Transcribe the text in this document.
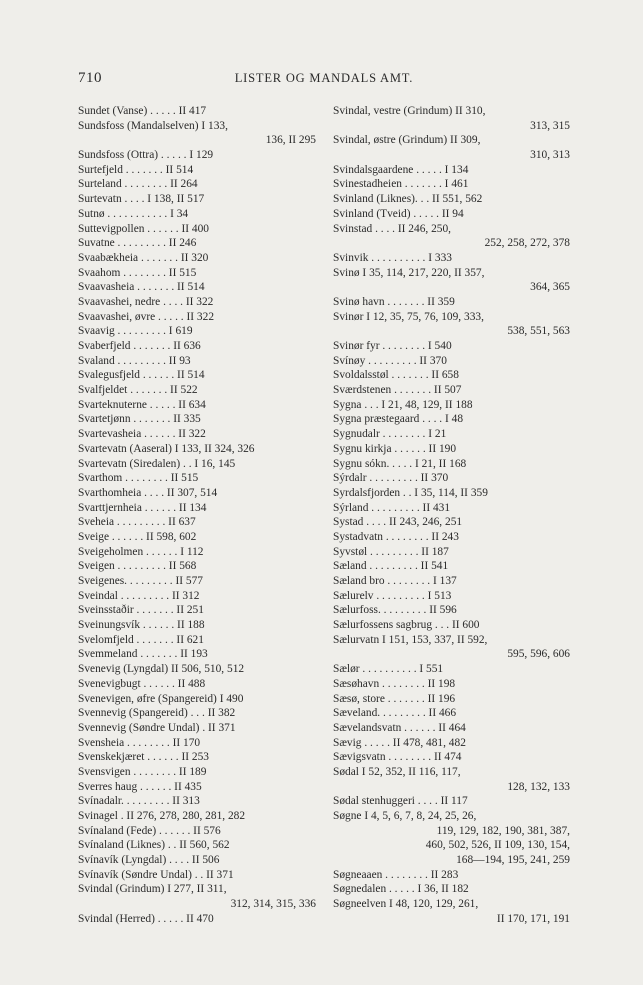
710	LISTER OG MANDALS AMT.
Sundet (Vanse) . . . . . II 417
Sundsfoss (Mandalselven) I 133,
136, II 295
Sundsfoss (Ottra) . . . . . I 129
Surtefjeld . . . . . . . II 514
Surteland . . . . . . . . II 264
Surtevatn . . . . I 138, II 517
Sutnø . . . . . . . . . . . I 34
Suttevigpollen . . . . . . II 400
Suvatne . . . . . . . . . II 246
Svaabækheia . . . . . . . II 320
Svaahom . . . . . . . . II 515
Svaavasheia . . . . . . . II 514
Svaavashei, nedre . . . . II 322
Svaavashei, øvre . . . . . II 322
Svaavig . . . . . . . . . I 619
Svaberfjeld . . . . . . . II 636
Svaland . . . . . . . . . II 93
Svalegusfjeld . . . . . . II 514
Svalfjeldet . . . . . . . II 522
Svarteknuterne . . . . . II 634
Svartetjønn . . . . . . . II 335
Svartevasheia . . . . . . II 322
Svartevatn (Aaseral) I 133, II 324, 326
Svartevatn (Siredalen) . . I 16, 145
Svarthom . . . . . . . . II 515
Svarthomheia . . . . II 307, 514
Svarttjernheia . . . . . . II 134
Sveheia . . . . . . . . . II 637
Sveige . . . . . . II 598, 602
Sveigeholmen . . . . . . I 112
Sveigen . . . . . . . . . II 568
Sveigenes. . . . . . . . . II 577
Sveindal . . . . . . . . . II 312
Sveinsstaðir . . . . . . . II 251
Sveinungsvík . . . . . . II 188
Svelomfjeld . . . . . . . II 621
Svemmeland . . . . . . . II 193
Svenevig (Lyngdal) II 506, 510, 512
Svenevigbugt . . . . . . II 488
Svenevigen, øfre (Spangereid) I 490
Svennevig (Spangereid) . . . II 382
Svennevig (Søndre Undal) . II 371
Svensheia . . . . . . . . II 170
Svenskekjæret . . . . . . II 253
Svensvigen . . . . . . . . II 189
Sverres haug . . . . . . II 435
Svínadalr. . . . . . . . . II 313
Svinagel . II 276, 278, 280, 281, 282
Svínaland (Fede) . . . . . . II 576
Svínaland (Liknes) . . II 560, 562
Svínavík (Lyngdal) . . . . II 506
Svínavík (Søndre Undal) . . II 371
Svindal (Grindum) I 277, II 311,
312, 314, 315, 336
Svindal (Herred) . . . . . II 470
Svindal, vestre (Grindum) II 310,
313, 315
Svindal, østre (Grindum) II 309,
310, 313
Svindalsgaardene . . . . . I 134
Svinestadheien . . . . . . . I 461
Svinland (Liknes). . . II 551, 562
Svinland (Tveid) . . . . . II 94
Svinstad . . . . II 246, 250,
252, 258, 272, 378
Svinvik . . . . . . . . . . I 333
Svinø I 35, 114, 217, 220, II 357,
364, 365
Svinø havn . . . . . . . II 359
Svinør I 12, 35, 75, 76, 109, 333,
538, 551, 563
Svinør fyr . . . . . . . . I 540
Svínøy . . . . . . . . . II 370
Svoldalsstøl . . . . . . . II 658
Sværdstenen . . . . . . . II 507
Sygna . . . I 21, 48, 129, II 188
Sygna præstegaard . . . . I 48
Sygnudalr . . . . . . . . I 21
Sygnu kirkja . . . . . . II 190
Sygnu sókn. . . . . I 21, II 168
Sýrdalr . . . . . . . . . II 370
Syrdalsfjorden . . I 35, 114, II 359
Sýrland . . . . . . . . . II 431
Systad . . . . II 243, 246, 251
Systadvatn . . . . . . . . II 243
Syvstøl . . . . . . . . . II 187
Sæland . . . . . . . . . II 541
Sæland bro . . . . . . . . I 137
Sælurelv . . . . . . . . . I 513
Sælurfoss. . . . . . . . . II 596
Sælurfossens sagbrug . . . II 600
Sælurvatn I 151, 153, 337, II 592,
595, 596, 606
Sælør . . . . . . . . . . I 551
Sæsøhavn . . . . . . . . II 198
Sæsø, store . . . . . . . II 196
Sæveland. . . . . . . . . II 466
Sævelandsvatn . . . . . . II 464
Sævig . . . . . II 478, 481, 482
Sævigsvatn . . . . . . . . II 474
Sødal I 52, 352, II 116, 117,
128, 132, 133
Sødal stenhuggeri . . . . II 117
Søgne I 4, 5, 6, 7, 8, 24, 25, 26,
119, 129, 182, 190, 381, 387,
460, 502, 526, II 109, 130, 154,
168—194, 195, 241, 259
Søgneaaen . . . . . . . . II 283
Søgnedalen . . . . . I 36, II 182
Søgneelven I 48, 120, 129, 261,
II 170, 171, 191
